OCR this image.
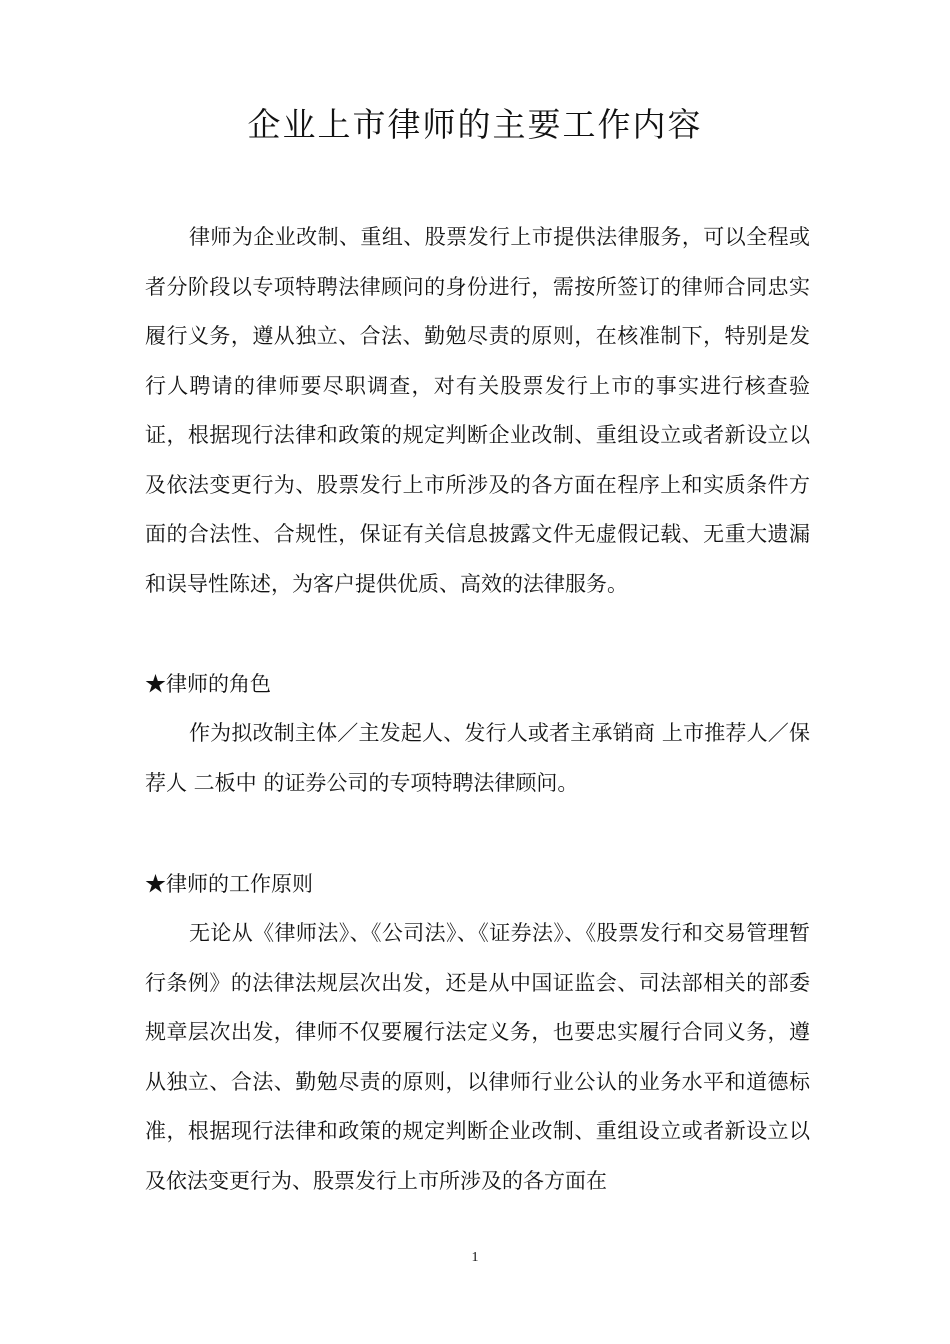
企业上市律师的主要工作内容

律师为企业改制、重组、股票发行上市提供法律服务，可以全程或者分阶段以专项特聘法律顾问的身份进行，需按所签订的律师合同忠实履行义务，遵从独立、合法、勤勉尽责的原则，在核准制下，特别是发行人聘请的律师要尽职调查，对有关股票发行上市的事实进行核查验证，根据现行法律和政策的规定判断企业改制、重组设立或者新设立以及依法变更行为、股票发行上市所涉及的各方面在程序上和实质条件方面的合法性、合规性，保证有关信息披露文件无虚假记载、无重大遗漏和误导性陈述，为客户提供优质、高效的法律服务。

★律师的角色

作为拟改制主体／主发起人、发行人或者主承销商 上市推荐人／保荐人 二板中 的证券公司的专项特聘法律顾问。

★律师的工作原则

无论从《律师法》、《公司法》、《证券法》、《股票发行和交易管理暂行条例》的法律法规层次出发，还是从中国证监会、司法部相关的部委规章层次出发，律师不仅要履行法定义务，也要忠实履行合同义务，遵从独立、合法、勤勉尽责的原则，以律师行业公认的业务水平和道德标准，根据现行法律和政策的规定判断企业改制、重组设立或者新设立以及依法变更行为、股票发行上市所涉及的各方面在

1
